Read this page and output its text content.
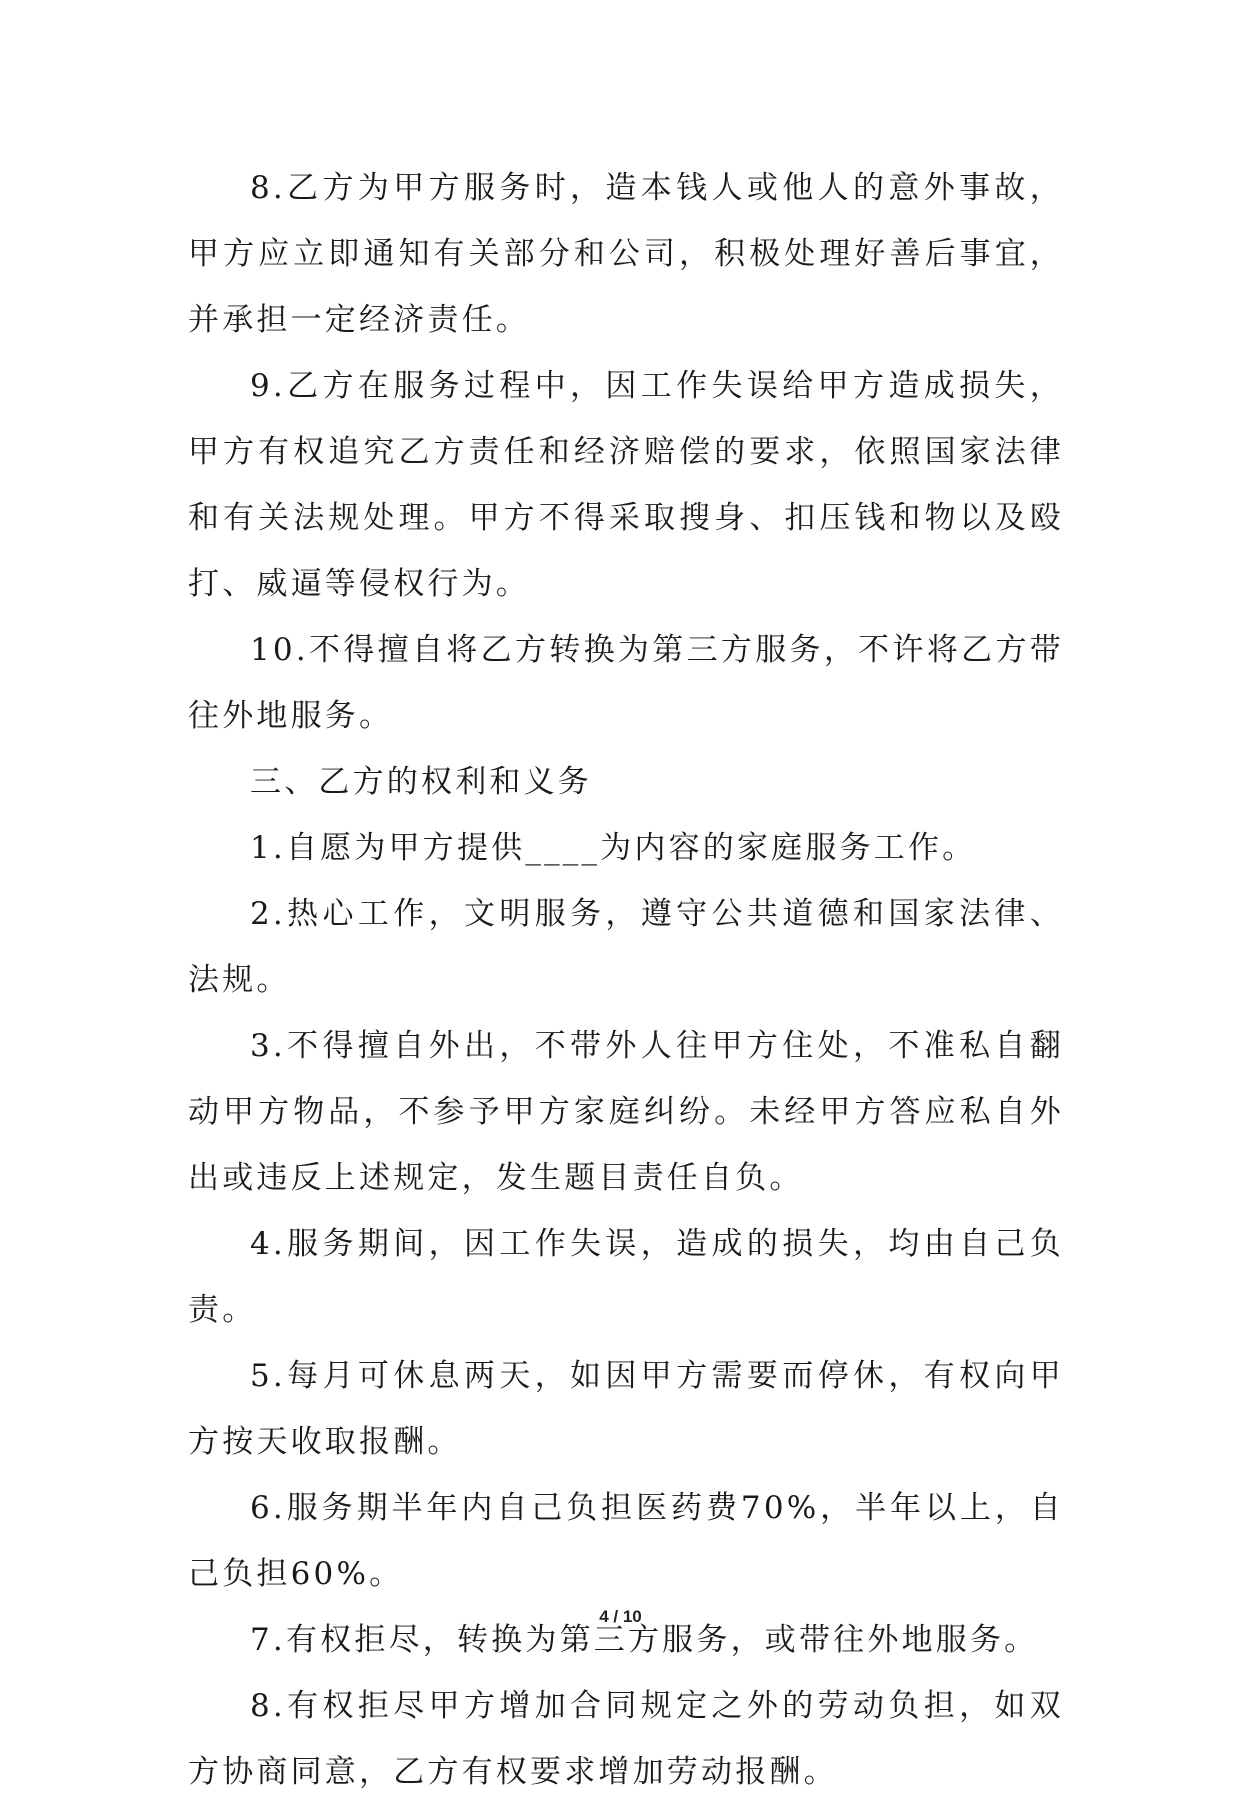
8.乙方为甲方服务时，造本钱人或他人的意外事故，甲方应立即通知有关部分和公司，积极处理好善后事宜，并承担一定经济责任。

9.乙方在服务过程中，因工作失误给甲方造成损失，甲方有权追究乙方责任和经济赔偿的要求，依照国家法律和有关法规处理。甲方不得采取搜身、扣压钱和物以及殴打、威逼等侵权行为。

10.不得擅自将乙方转换为第三方服务，不许将乙方带往外地服务。

三、乙方的权利和义务

1.自愿为甲方提供____为内容的家庭服务工作。

2.热心工作，文明服务，遵守公共道德和国家法律、法规。

3.不得擅自外出，不带外人往甲方住处，不准私自翻动甲方物品，不参予甲方家庭纠纷。未经甲方答应私自外出或违反上述规定，发生题目责任自负。

4.服务期间，因工作失误，造成的损失，均由自己负责。

5.每月可休息两天，如因甲方需要而停休，有权向甲方按天收取报酬。

6.服务期半年内自己负担医药费70%，半年以上，自己负担60%。

7.有权拒尽，转换为第三方服务，或带往外地服务。

8.有权拒尽甲方增加合同规定之外的劳动负担，如双方协商同意，乙方有权要求增加劳动报酬。

4 / 10
